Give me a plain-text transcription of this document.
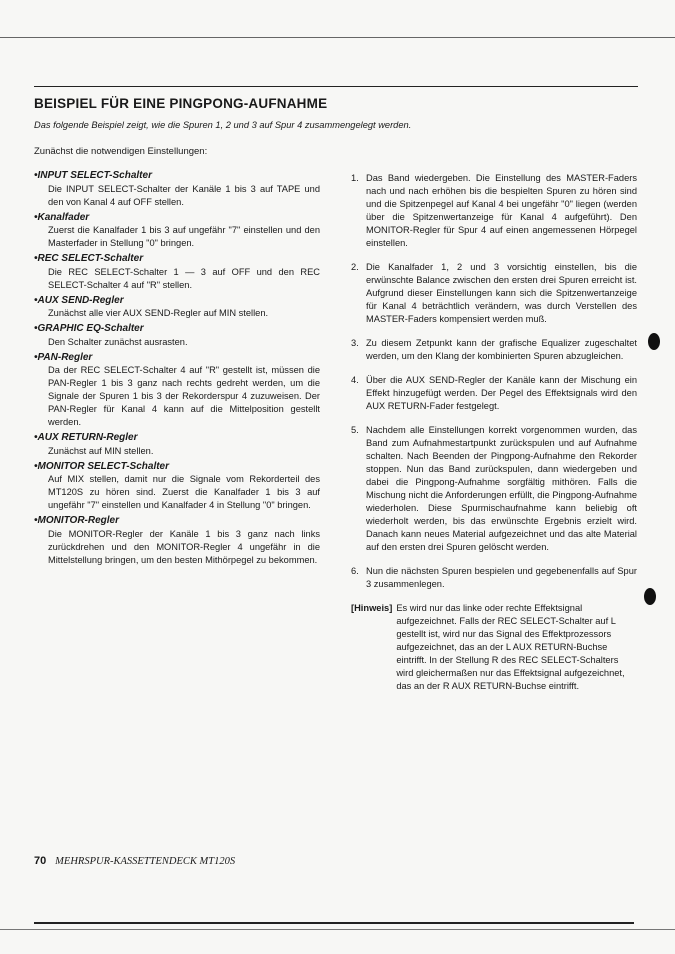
BEISPIEL FÜR EINE PINGPONG-AUFNAHME
Das folgende Beispiel zeigt, wie die Spuren 1, 2 und 3 auf Spur 4 zusammengelegt werden.
Zunächst die notwendigen Einstellungen:
•INPUT SELECT-Schalter

Die INPUT SELECT-Schalter der Kanäle 1 bis 3 auf TAPE und den von Kanal 4 auf OFF stellen.

•Kanalfader

Zuerst die Kanalfader 1 bis 3 auf ungefähr "7" einstellen und den Masterfader in Stellung "0" bringen.

•REC SELECT-Schalter

Die REC SELECT-Schalter 1 — 3 auf OFF und den REC SELECT-Schalter 4 auf "R" stellen.

•AUX SEND-Regler

Zunächst alle vier AUX SEND-Regler auf MIN stellen.

•GRAPHIC EQ-Schalter

Den Schalter zunächst ausrasten.

•PAN-Regler

Da der REC SELECT-Schalter 4 auf "R" gestellt ist, müssen die PAN-Regler 1 bis 3 ganz nach rechts gedreht werden, um die Signale der Spuren 1 bis 3 der Rekorderspur 4 zuzuweisen. Der PAN-Regler für Kanal 4 kann auf die Mittelposition gestellt werden.

•AUX RETURN-Regler

Zunächst auf MIN stellen.

•MONITOR SELECT-Schalter

Auf MIX stellen, damit nur die Signale vom Rekorderteil des MT120S zu hören sind. Zuerst die Kanalfader 1 bis 3 auf ungefähr "7" einstellen und Kanalfader 4 in Stellung "0" bringen.

•MONITOR-Regler

Die MONITOR-Regler der Kanäle 1 bis 3 ganz nach links zurückdrehen und den MONITOR-Regler 4 ungefähr in die Mittelstellung bringen, um den besten Mithörpegel zu bekommen.

1. Das Band wiedergeben. Die Einstellung des MASTER-Faders nach und nach erhöhen bis die bespielten Spuren zu hören sind und die Spitzenpegel auf Kanal 4 bei ungefähr "0" liegen (werden über die Spitzenwertanzeige für Kanal 4 aufgeführt). Den MONITOR-Regler für Spur 4 auf einen angemessenen Hörpegel einstellen.
2. Die Kanalfader 1, 2 und 3 vorsichtig einstellen, bis die erwünschte Balance zwischen den ersten drei Spuren erreicht ist. Aufgrund dieser Einstellungen kann sich die Spitzenwertanzeige für Kanal 4 beträchtlich verändern, was durch Verstellen des MASTER-Faders kompensiert werden muß.
3. Zu diesem Zetpunkt kann der grafische Equalizer zugeschaltet werden, um den Klang der kombinierten Spuren abzugleichen.
4. Über die AUX SEND-Regler der Kanäle kann der Mischung ein Effekt hinzugefügt werden. Der Pegel des Effektsignals wird den AUX RETURN-Fader festgelegt.
5. Nachdem alle Einstellungen korrekt vorgenommen wurden, das Band zum Aufnahmestartpunkt zurückspulen und auf Aufnahme schalten. Nach Beenden der Pingpong-Aufnahme den Rekorder stoppen. Nun das Band zurückspulen, dann wiedergeben und dabei die Pingpong-Aufnahme sorgfältig mithören. Falls die Mischung nicht die Anforderungen erfüllt, die Pingpong-Aufnahme wiederholen. Diese Spurmischaufnahme kann beliebig oft wiederholt werden, bis das erwünschte Ergebnis erzielt wird. Danach kann neues Material aufgezeichnet und das alte Material auf den ersten drei Spuren gelöscht werden.
6. Nun die nächsten Spuren bespielen und gegebenenfalls auf Spur 3 zusammenlegen.
[Hinweis] Es wird nur das linke oder rechte Effektsignal aufgezeichnet. Falls der REC SELECT-Schalter auf L gestellt ist, wird nur das Signal des Effektprozessors aufgezeichnet, das an der L AUX RETURN-Buchse eintrifft. In der Stellung R des REC SELECT-Schalters wird gleichermaßen nur das Effektsignal aufgezeichnet, das an der R AUX RETURN-Buchse eintrifft.
70 MEHRSPUR-KASSETTENDECK MT120S
